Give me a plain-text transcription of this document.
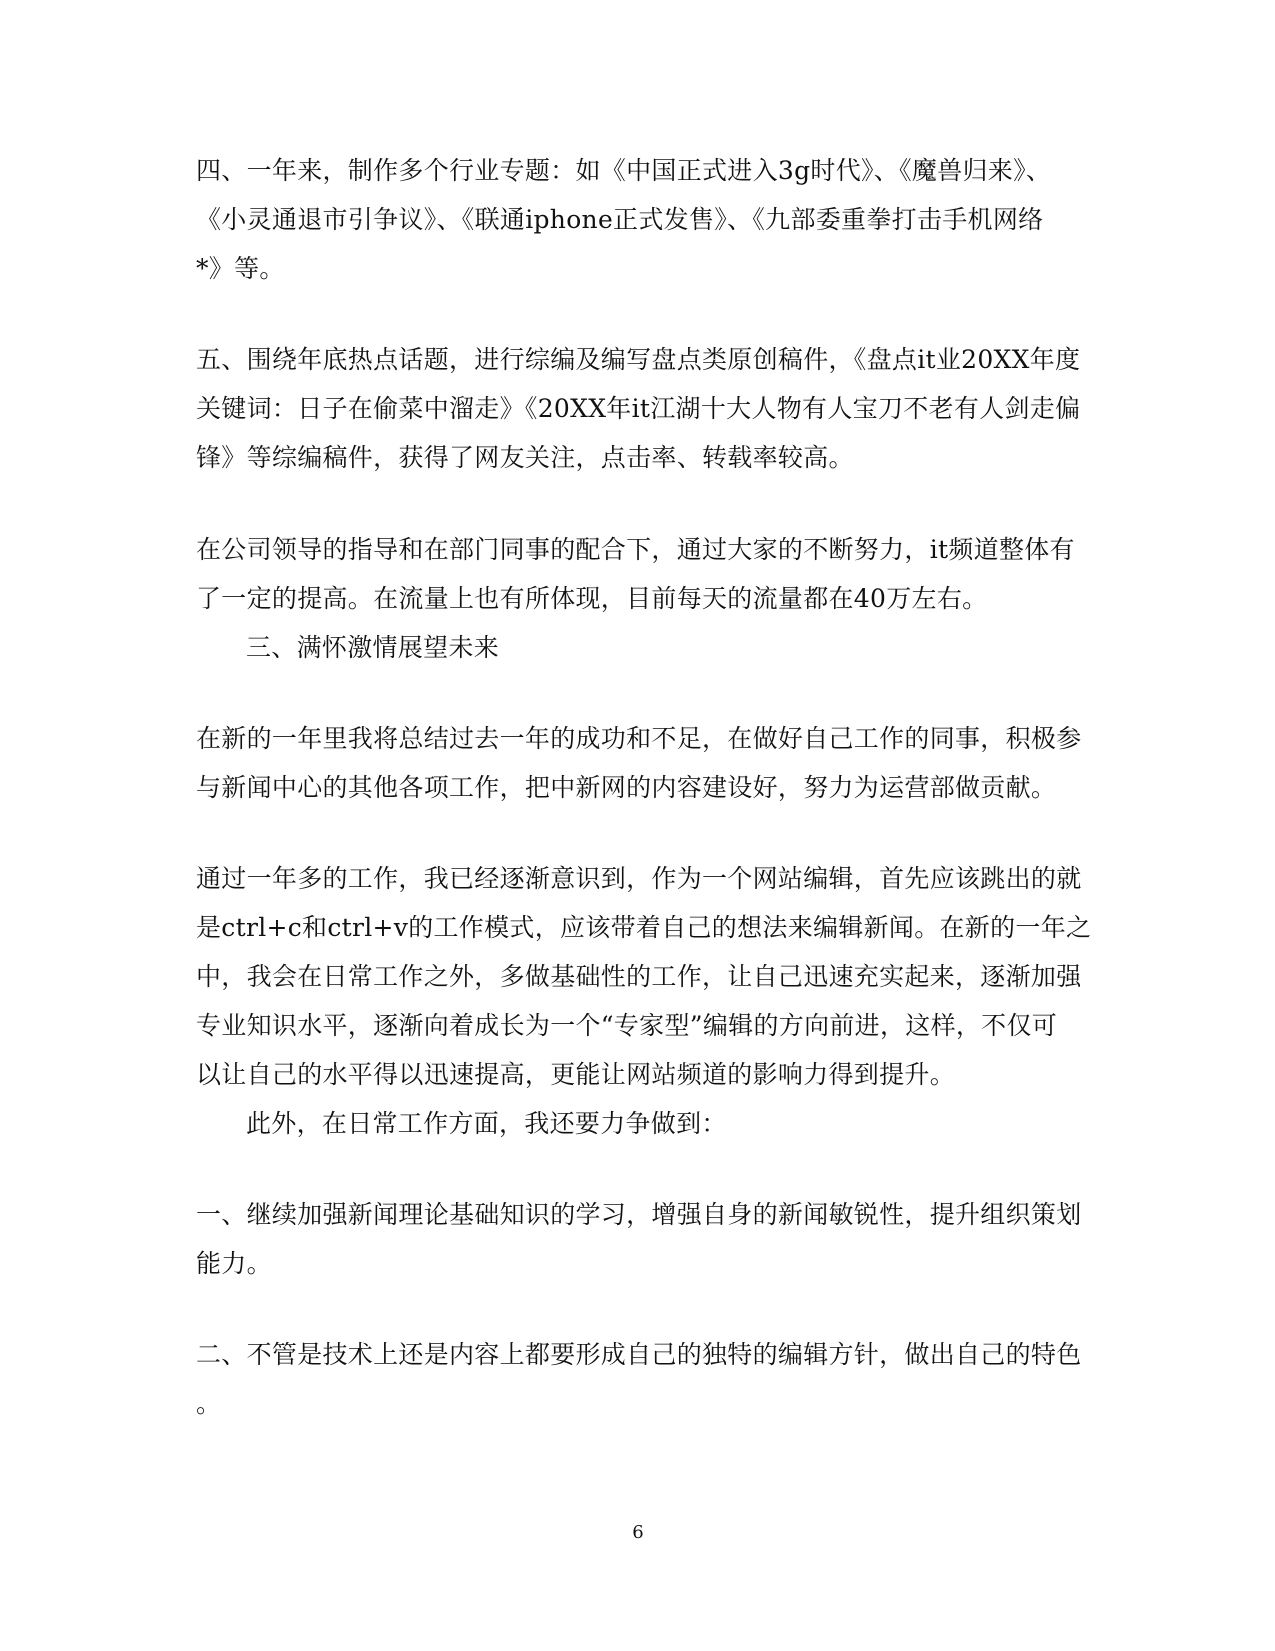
四、一年来，制作多个行业专题：如《中国正式进入3g时代》、《魔兽归来》、
《小灵通退市引争议》、《联通iphone正式发售》、《九部委重拳打击手机网络
*》等。
五、围绕年底热点话题，进行综编及编写盘点类原创稿件，《盘点it业20XX年度
关键词：日子在偷菜中溜走》《20XX年it江湖十大人物有人宝刀不老有人剑走偏
锋》等综编稿件，获得了网友关注，点击率、转载率较高。
在公司领导的指导和在部门同事的配合下，通过大家的不断努力，it频道整体有
了一定的提高。在流量上也有所体现，目前每天的流量都在40万左右。
三、满怀激情展望未来
在新的一年里我将总结过去一年的成功和不足，在做好自己工作的同事，积极参
与新闻中心的其他各项工作，把中新网的内容建设好，努力为运营部做贡献。
通过一年多的工作，我已经逐渐意识到，作为一个网站编辑，首先应该跳出的就
是ctrl+c和ctrl+v的工作模式，应该带着自己的想法来编辑新闻。在新的一年之
中，我会在日常工作之外，多做基础性的工作，让自己迅速充实起来，逐渐加强
专业知识水平，逐渐向着成长为一个“专家型”编辑的方向前进，这样，不仅可
以让自己的水平得以迅速提高，更能让网站频道的影响力得到提升。
此外，在日常工作方面，我还要力争做到：
一、继续加强新闻理论基础知识的学习，增强自身的新闻敏锐性，提升组织策划
能力。
二、不管是技术上还是内容上都要形成自己的独特的编辑方针，做出自己的特色
。
6
